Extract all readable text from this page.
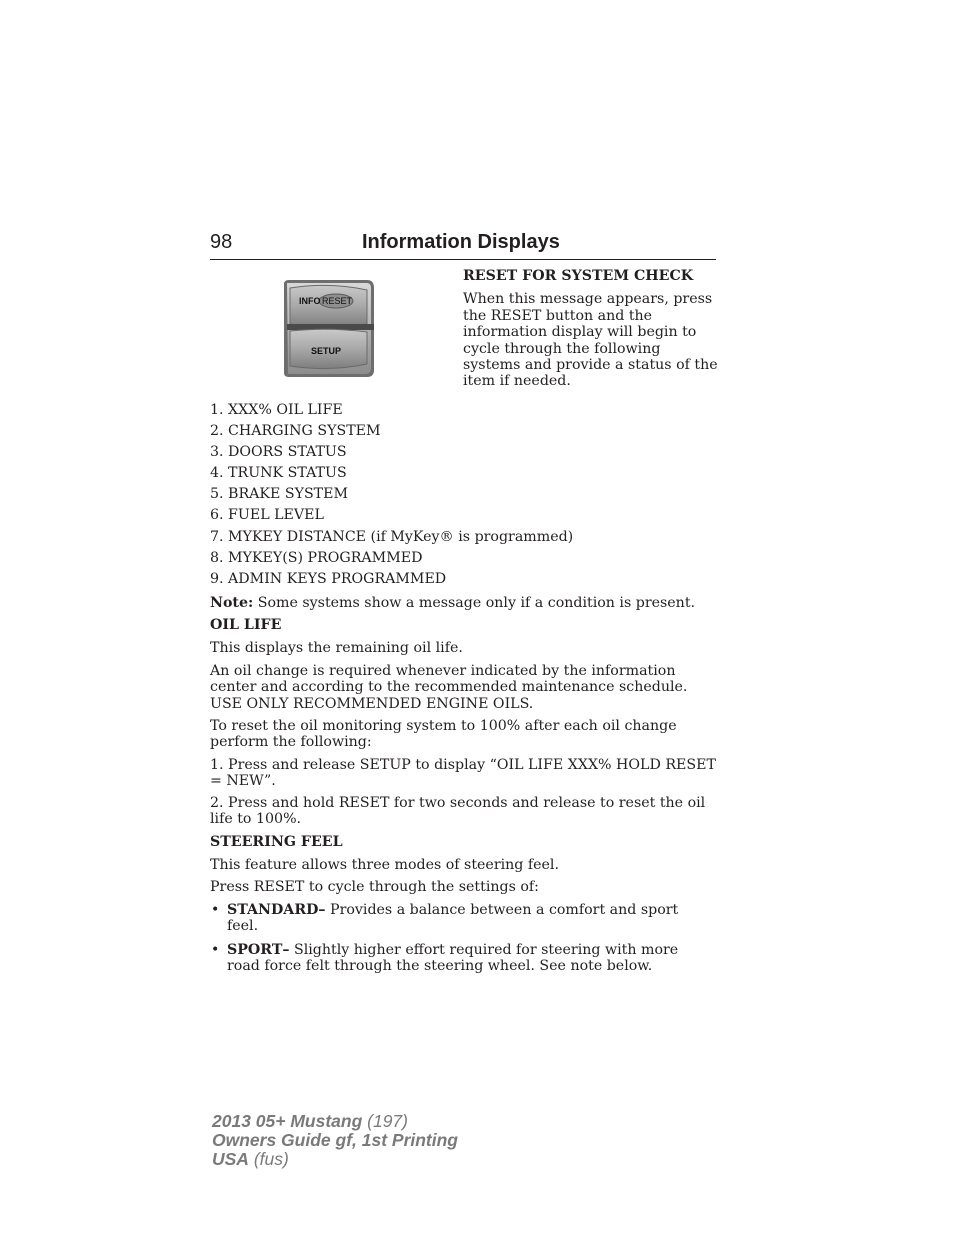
98	Information Displays
INFO RESET
SETUP
RESET FOR SYSTEM CHECK
When this message appears, press the RESET button and the information display will begin to cycle through the following systems and provide a status of the item if needed.
1. XXX% OIL LIFE
2. CHARGING SYSTEM
3. DOORS STATUS
4. TRUNK STATUS
5. BRAKE SYSTEM
6. FUEL LEVEL
7. MYKEY DISTANCE (if MyKey® is programmed)
8. MYKEY(S) PROGRAMMED
9. ADMIN KEYS PROGRAMMED
Note: Some systems show a message only if a condition is present.
OIL LIFE
This displays the remaining oil life.
An oil change is required whenever indicated by the information center and according to the recommended maintenance schedule. USE ONLY RECOMMENDED ENGINE OILS.
To reset the oil monitoring system to 100% after each oil change perform the following:
1. Press and release SETUP to display “OIL LIFE XXX% HOLD RESET = NEW”.
2. Press and hold RESET for two seconds and release to reset the oil life to 100%.
STEERING FEEL
This feature allows three modes of steering feel.
Press RESET to cycle through the settings of:
• STANDARD– Provides a balance between a comfort and sport feel.
• SPORT– Slightly higher effort required for steering with more road force felt through the steering wheel. See note below.
2013 05+ Mustang (197)
Owners Guide gf, 1st Printing
USA (fus)
